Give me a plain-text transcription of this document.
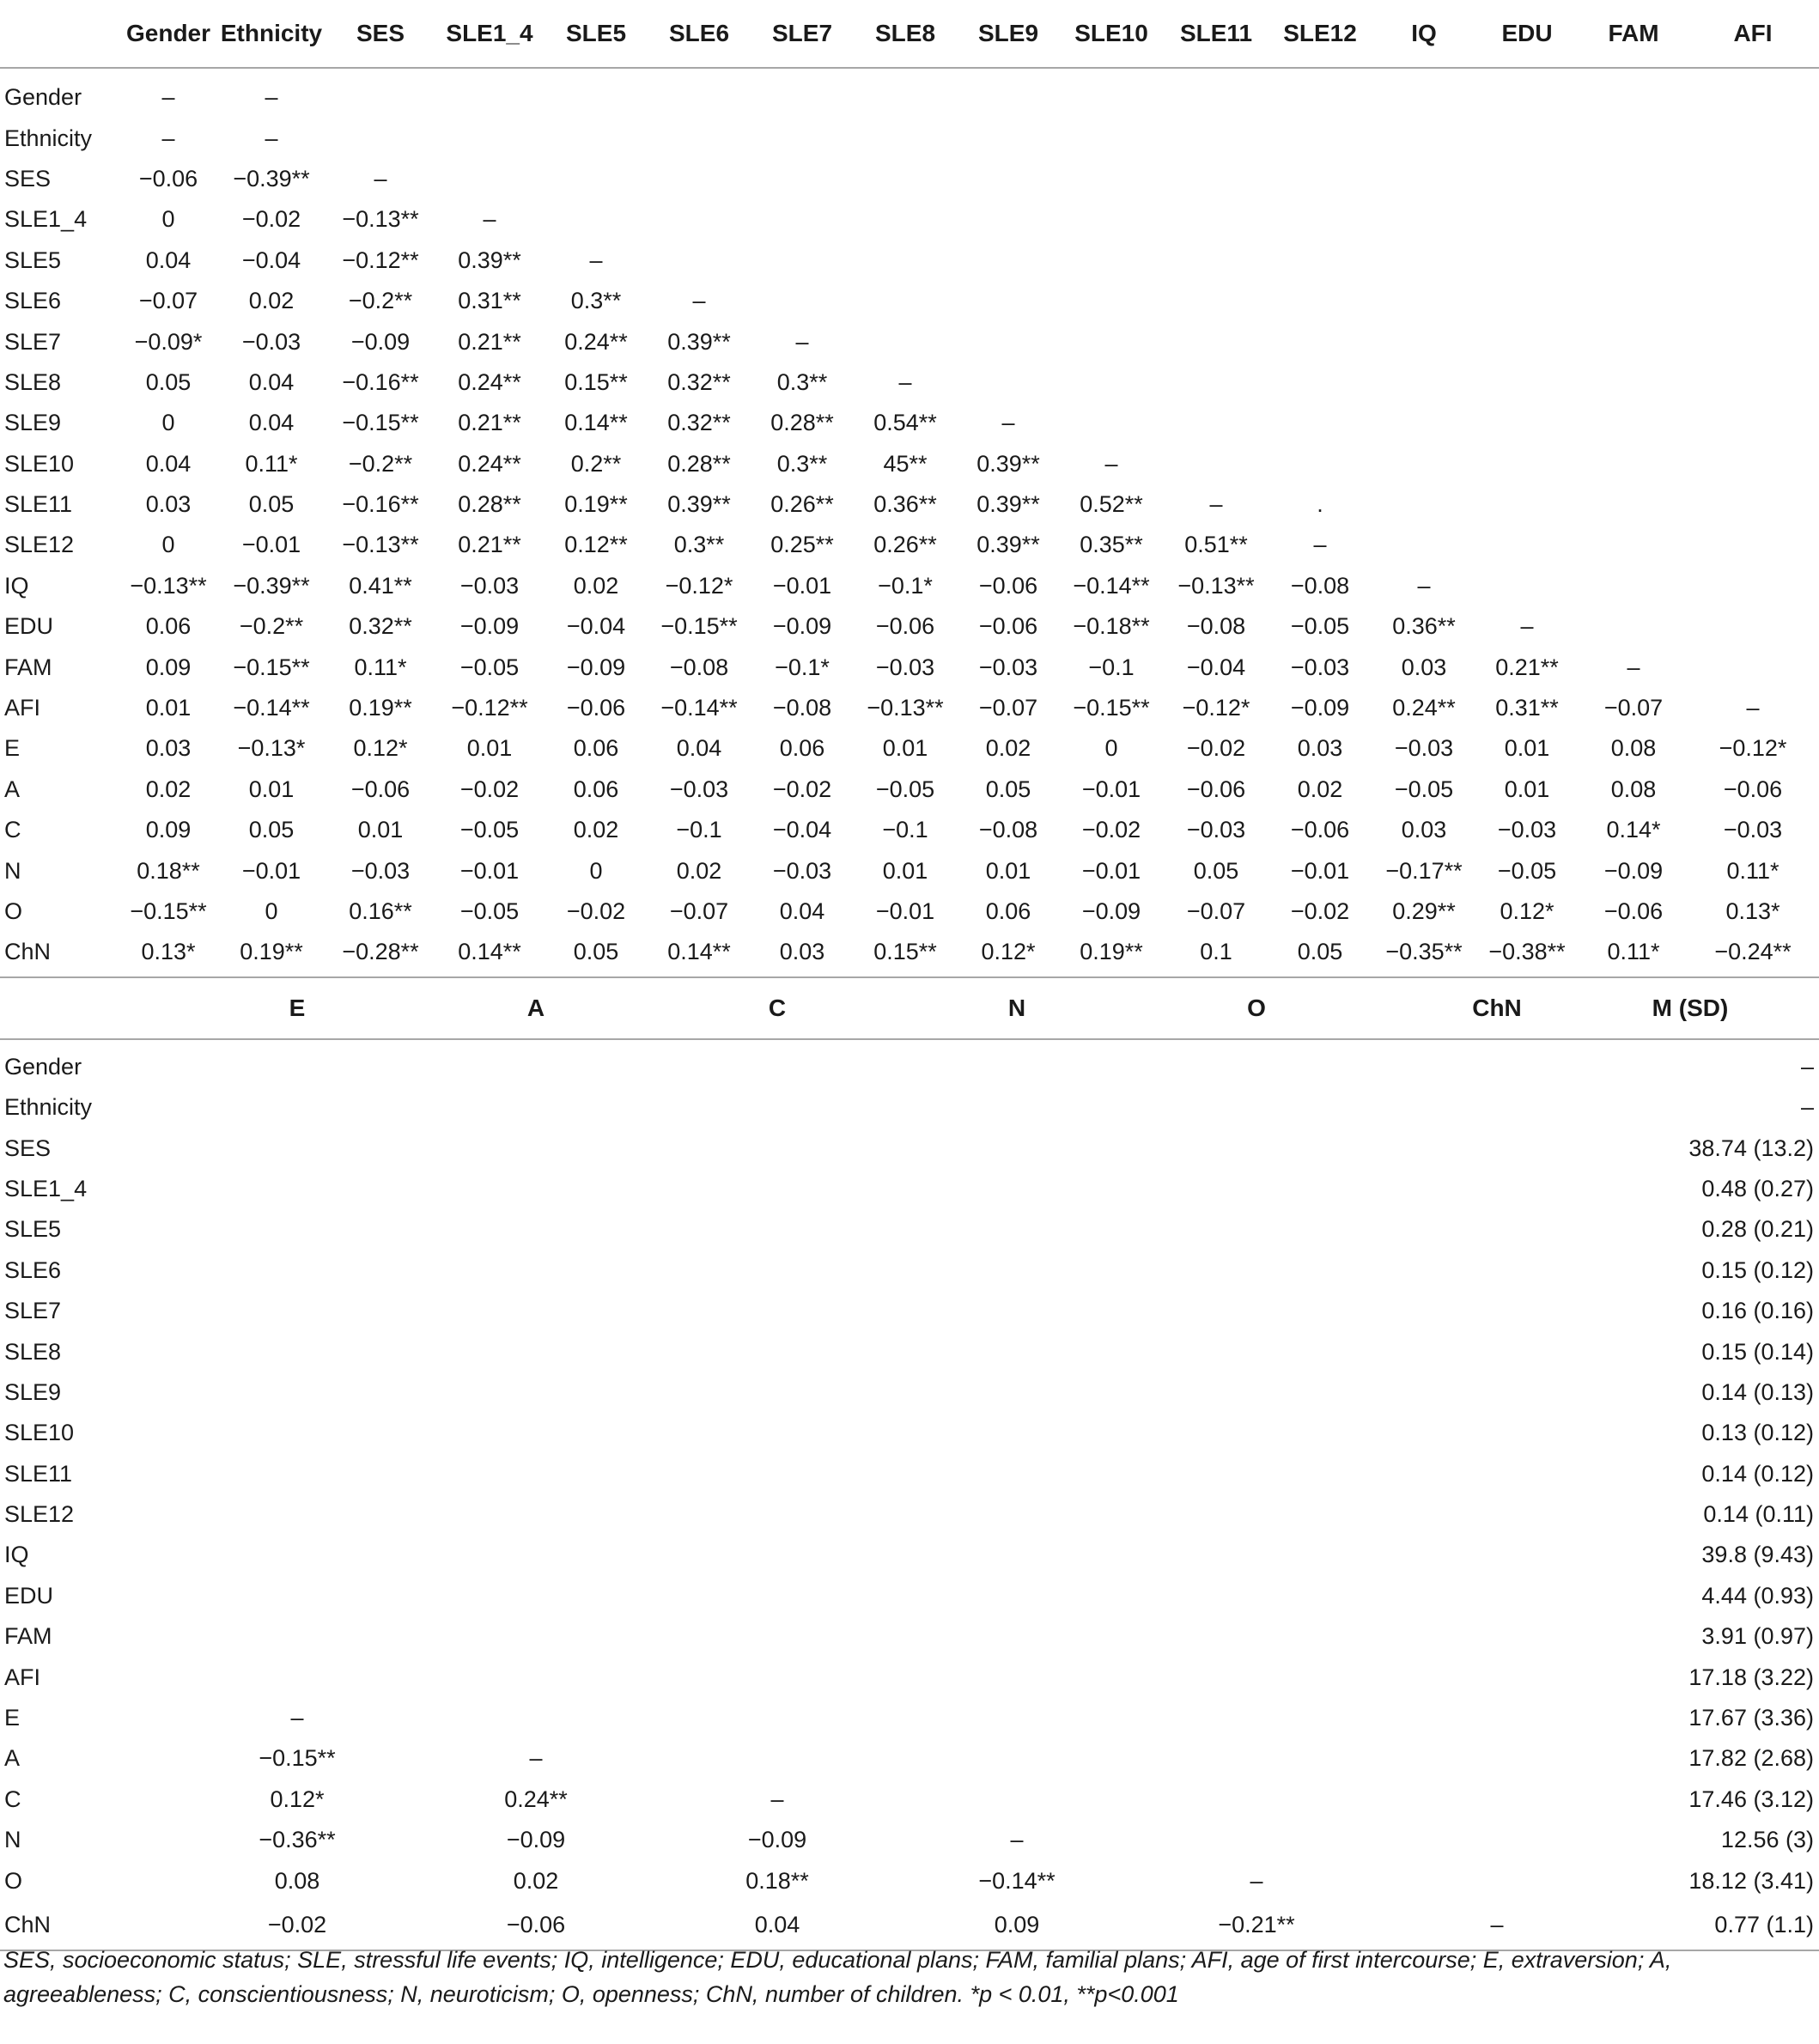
	Gender	Ethnicity	SES	SLE1_4	SLE5	SLE6	SLE7	SLE8	SLE9	SLE10	SLE11	SLE12	IQ	EDU	FAM	AFI
Gender	–	–														
Ethnicity	–	–														
SES	−0.06	−0.39**	–													
SLE1_4	0	−0.02	−0.13**	–												
SLE5	0.04	−0.04	−0.12**	0.39**	–											
SLE6	−0.07	0.02	−0.2**	0.31**	0.3**	–										
SLE7	−0.09*	−0.03	−0.09	0.21**	0.24**	0.39**	–									
SLE8	0.05	0.04	−0.16**	0.24**	0.15**	0.32**	0.3**	–								
SLE9	0	0.04	−0.15**	0.21**	0.14**	0.32**	0.28**	0.54**	–							
SLE10	0.04	0.11*	−0.2**	0.24**	0.2**	0.28**	0.3**	45**	0.39**	–						
SLE11	0.03	0.05	−0.16**	0.28**	0.19**	0.39**	0.26**	0.36**	0.39**	0.52**	–	.				
SLE12	0	−0.01	−0.13**	0.21**	0.12**	0.3**	0.25**	0.26**	0.39**	0.35**	0.51**	–				
IQ	−0.13**	−0.39**	0.41**	−0.03	0.02	−0.12*	−0.01	−0.1*	−0.06	−0.14**	−0.13**	−0.08	–			
EDU	0.06	−0.2**	0.32**	−0.09	−0.04	−0.15**	−0.09	−0.06	−0.06	−0.18**	−0.08	−0.05	0.36**	–		
FAM	0.09	−0.15**	0.11*	−0.05	−0.09	−0.08	−0.1*	−0.03	−0.03	−0.1	−0.04	−0.03	0.03	0.21**	–	
AFI	0.01	−0.14**	0.19**	−0.12**	−0.06	−0.14**	−0.08	−0.13**	−0.07	−0.15**	−0.12*	−0.09	0.24**	0.31**	−0.07	–
E	0.03	−0.13*	0.12*	0.01	0.06	0.04	0.06	0.01	0.02	0	−0.02	0.03	−0.03	0.01	0.08	−0.12*
A	0.02	0.01	−0.06	−0.02	0.06	−0.03	−0.02	−0.05	0.05	−0.01	−0.06	0.02	−0.05	0.01	0.08	−0.06
C	0.09	0.05	0.01	−0.05	0.02	−0.1	−0.04	−0.1	−0.08	−0.02	−0.03	−0.06	0.03	−0.03	0.14*	−0.03
N	0.18**	−0.01	−0.03	−0.01	0	0.02	−0.03	0.01	0.01	−0.01	0.05	−0.01	−0.17**	−0.05	−0.09	0.11*
O	−0.15**	0	0.16**	−0.05	−0.02	−0.07	0.04	−0.01	0.06	−0.09	−0.07	−0.02	0.29**	0.12*	−0.06	0.13*
ChN	0.13*	0.19**	−0.28**	0.14**	0.05	0.14**	0.03	0.15**	0.12*	0.19**	0.1	0.05	−0.35**	−0.38**	0.11*	−0.24**
	E	A	C	N	O	ChN	M (SD)
Gender							–
Ethnicity							–
SES							38.74 (13.2)
SLE1_4							0.48 (0.27)
SLE5							0.28 (0.21)
SLE6							0.15 (0.12)
SLE7							0.16 (0.16)
SLE8							0.15 (0.14)
SLE9							0.14 (0.13)
SLE10							0.13 (0.12)
SLE11							0.14 (0.12)
SLE12							0.14 (0.11)
IQ							39.8 (9.43)
EDU							4.44 (0.93)
FAM							3.91 (0.97)
AFI							17.18 (3.22)
E	–						17.67 (3.36)
A	−0.15**	–					17.82 (2.68)
C	0.12*	0.24**	–				17.46 (3.12)
N	−0.36**	−0.09	−0.09	–			12.56 (3)
O	0.08	0.02	0.18**	−0.14**	–		18.12 (3.41)
ChN	−0.02	−0.06	0.04	0.09	−0.21**	–	0.77 (1.1)
SES, socioeconomic status; SLE, stressful life events; IQ, intelligence; EDU, educational plans; FAM, familial plans; AFI, age of first intercourse; E, extraversion; A, agreeableness; C, conscientiousness; N, neuroticism; O, openness; ChN, number of children. *p < 0.01, **p<0.001
